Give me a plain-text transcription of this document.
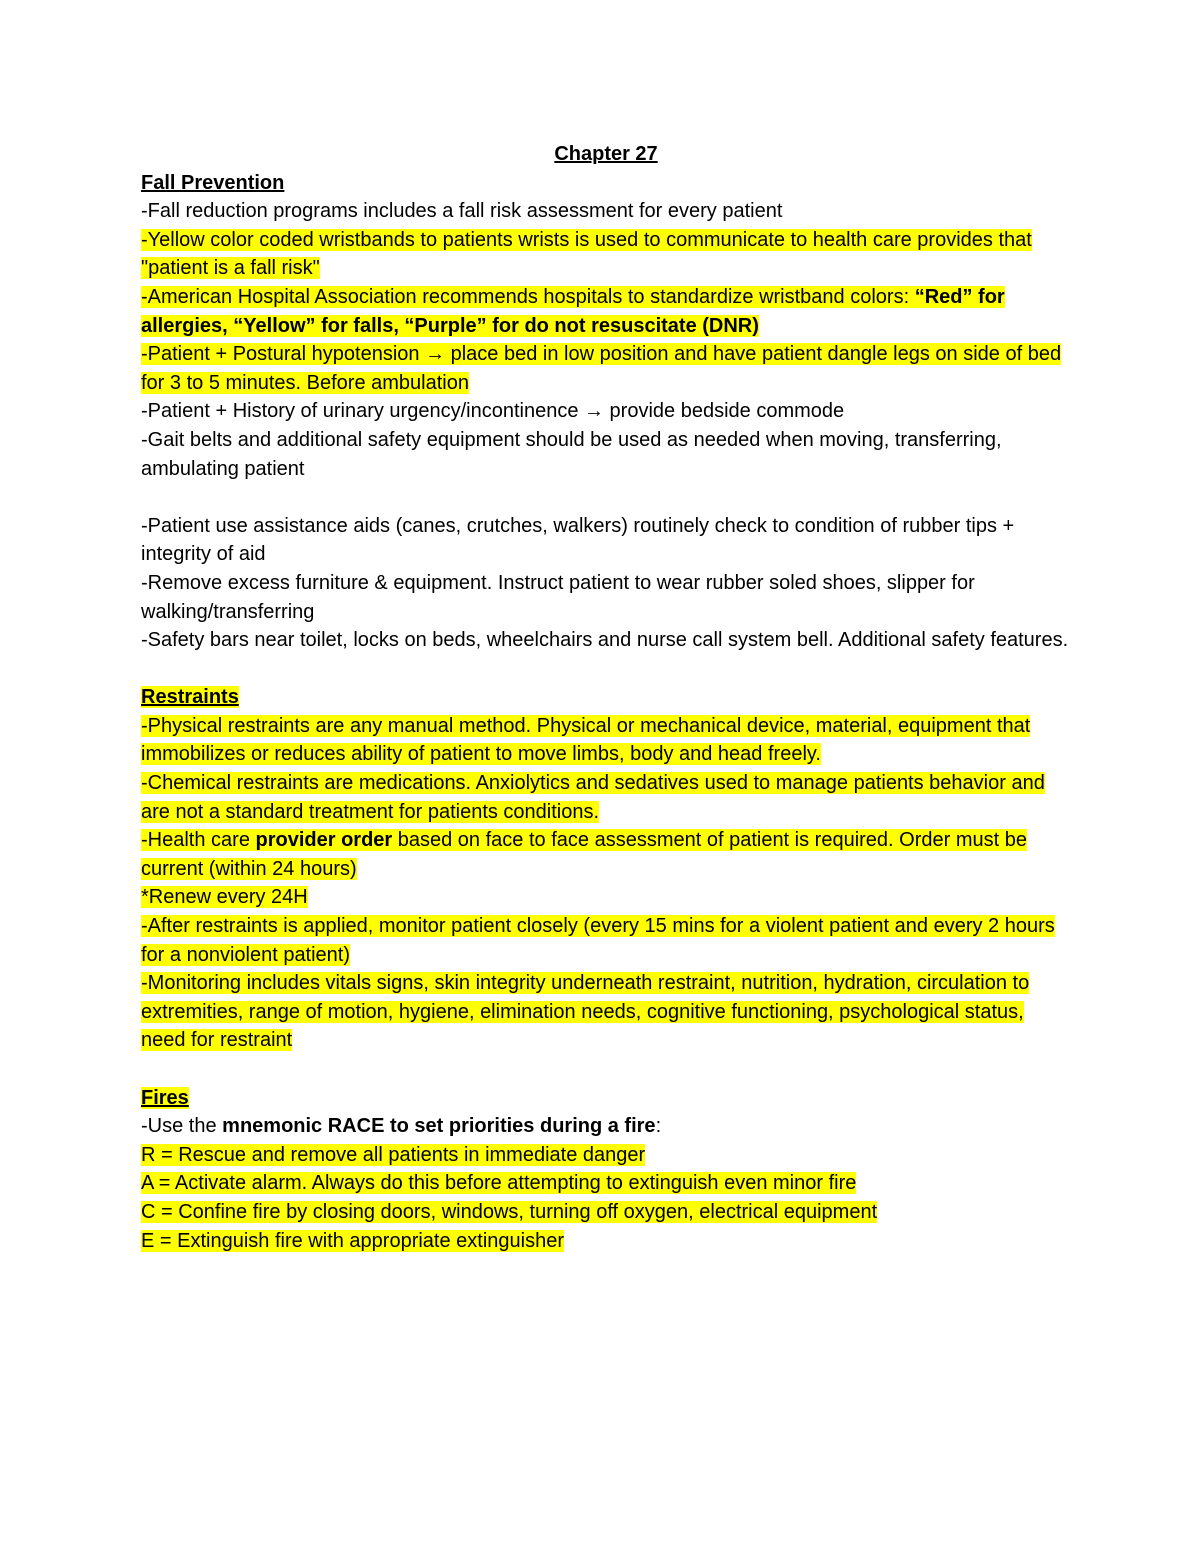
Chapter 27

Fall Prevention

-Fall reduction programs includes a fall risk assessment for every patient

-Yellow color coded wristbands to patients wrists is used to communicate to health care provides that "patient is a fall risk"

-American Hospital Association recommends hospitals to standardize wristband colors: “Red” for allergies, “Yellow” for falls, “Purple” for do not resuscitate (DNR)

-Patient + Postural hypotension → place bed in low position and have patient dangle legs on side of bed for 3 to 5 minutes. Before ambulation

-Patient + History of urinary urgency/incontinence → provide bedside commode

-Gait belts and additional safety equipment should be used as needed when moving, transferring, ambulating patient

-Patient use assistance aids (canes, crutches, walkers) routinely check to condition of rubber tips + integrity of aid

-Remove excess furniture & equipment. Instruct patient to wear rubber soled shoes, slipper for walking/transferring

-Safety bars near toilet, locks on beds, wheelchairs and nurse call system bell. Additional safety features.

Restraints

-Physical restraints are any manual method. Physical or mechanical device, material, equipment that immobilizes or reduces ability of patient to move limbs, body and head freely.

-Chemical restraints are medications. Anxiolytics and sedatives used to manage patients behavior and are not a standard treatment for patients conditions.

-Health care provider order based on face to face assessment of patient is required. Order must be current (within 24 hours)

*Renew every 24H

-After restraints is applied, monitor patient closely (every 15 mins for a violent patient and every 2 hours for a nonviolent patient)

-Monitoring includes vitals signs, skin integrity underneath restraint, nutrition, hydration, circulation to extremities, range of motion, hygiene, elimination needs, cognitive functioning, psychological status, need for restraint

Fires

-Use the mnemonic RACE to set priorities during a fire:

R = Rescue and remove all patients in immediate danger

A = Activate alarm. Always do this before attempting to extinguish even minor fire

C = Confine fire by closing doors, windows, turning off oxygen, electrical equipment

E = Extinguish fire with appropriate extinguisher
